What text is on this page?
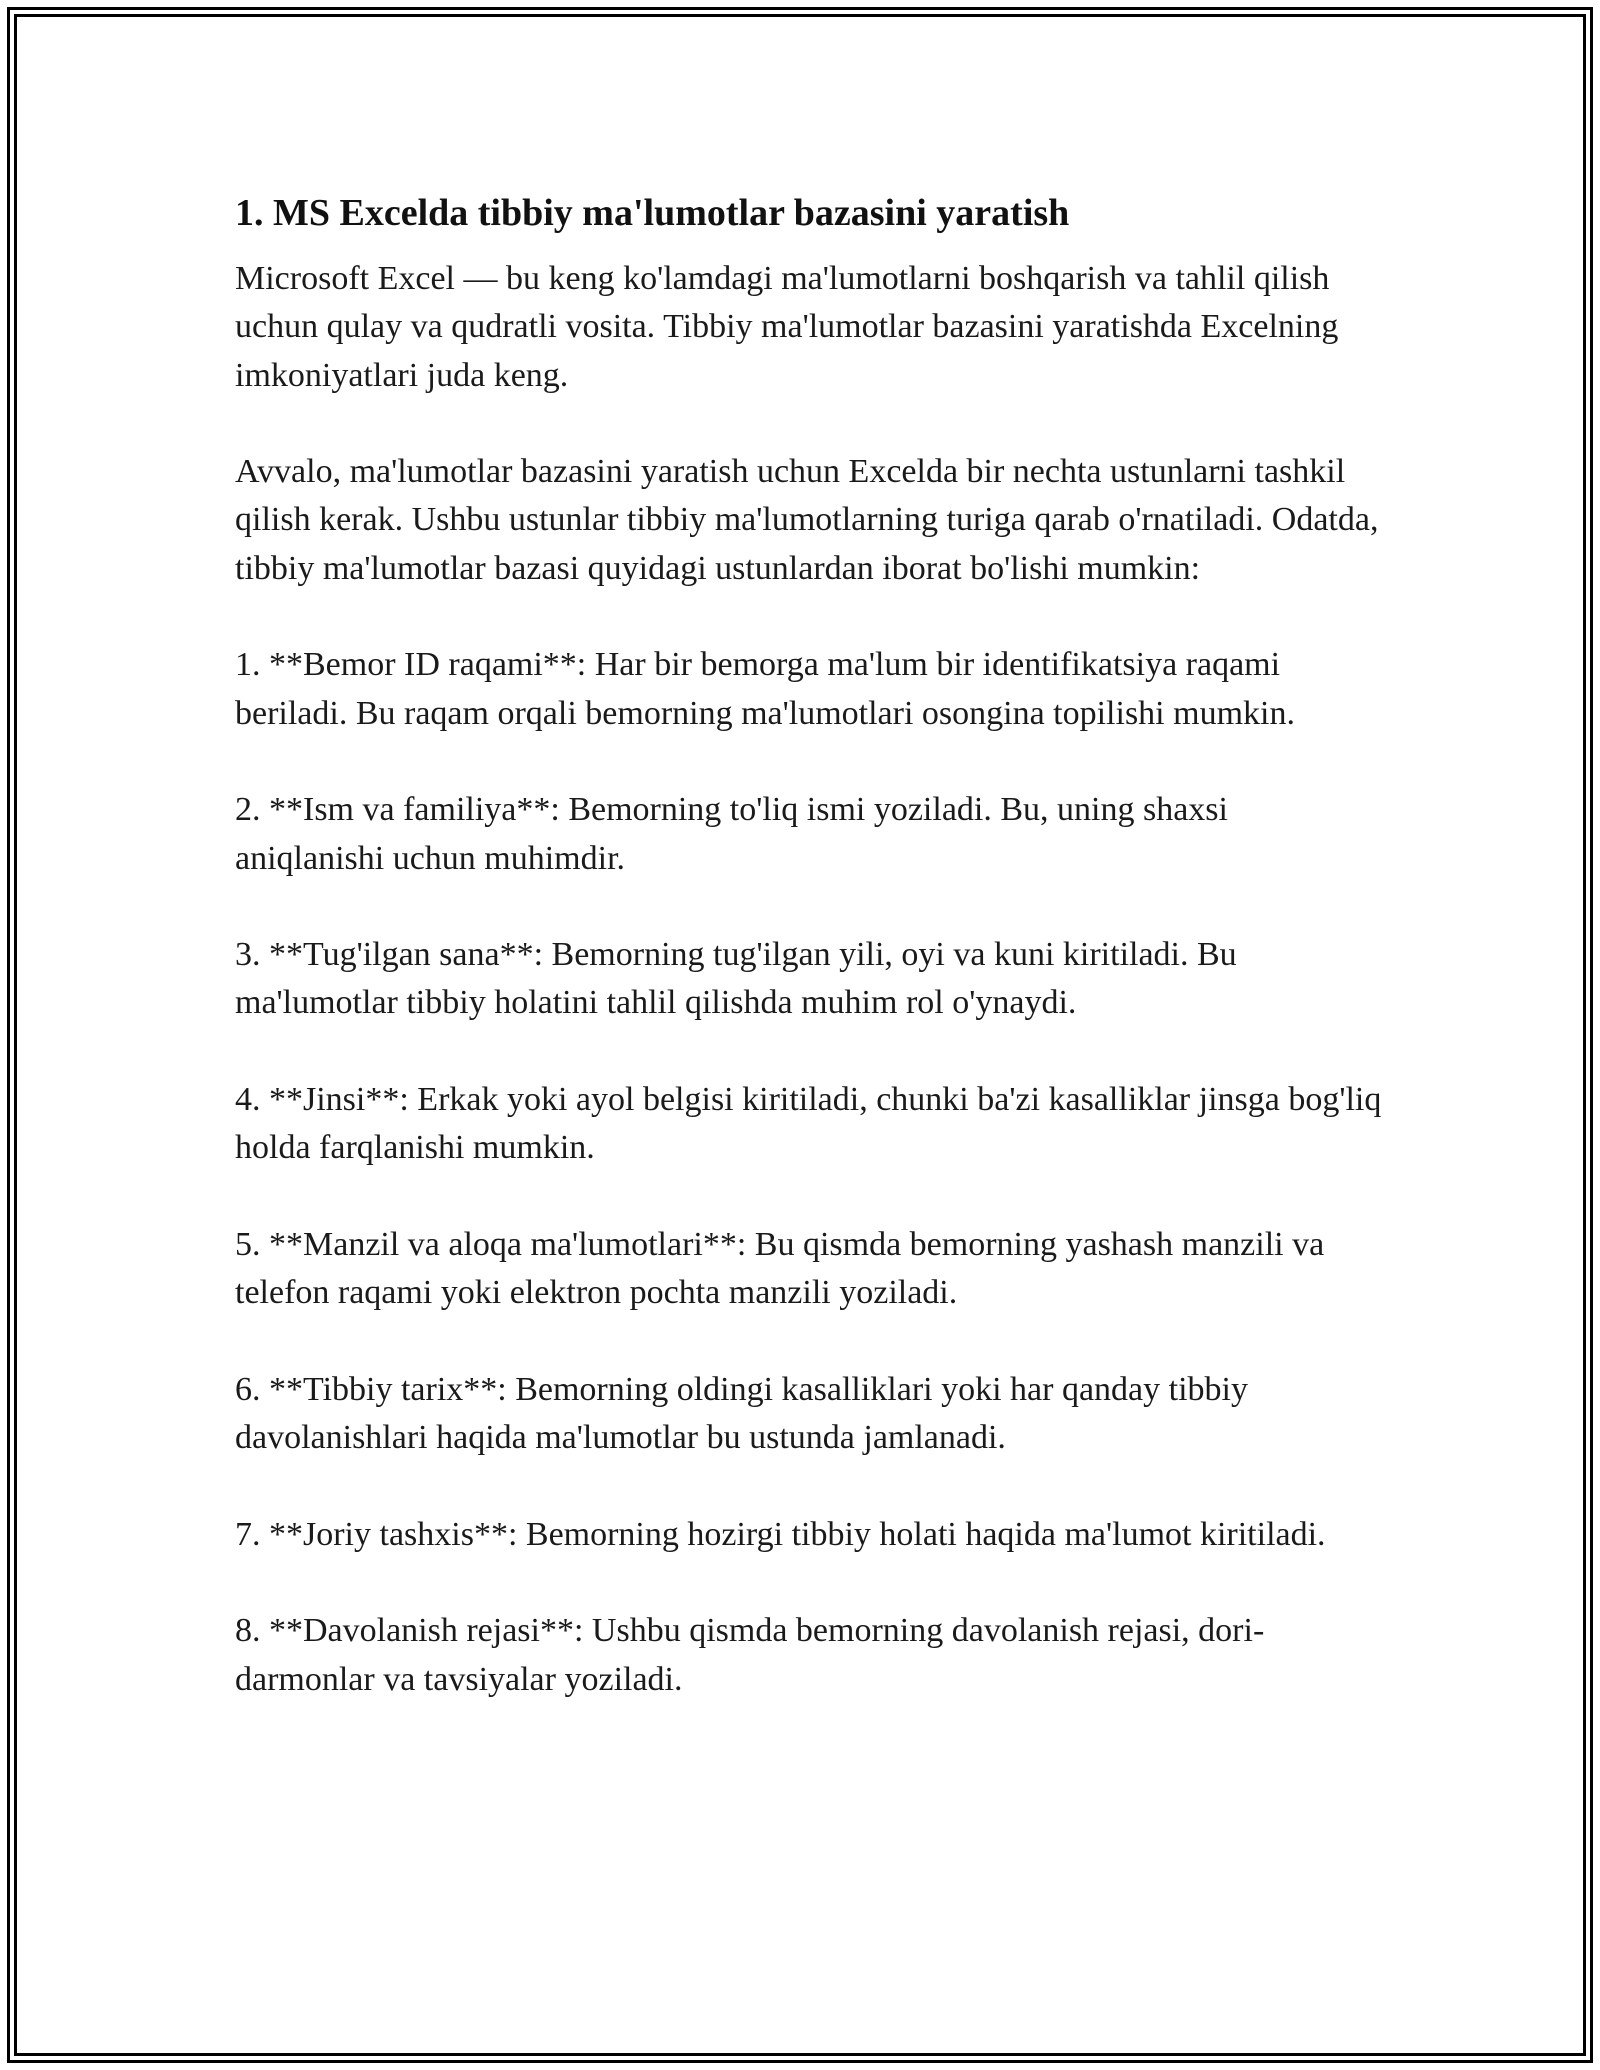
1. MS Excelda tibbiy ma'lumotlar bazasini yaratish

Microsoft Excel — bu keng ko'lamdagi ma'lumotlarni boshqarish va tahlil qilish uchun qulay va qudratli vosita. Tibbiy ma'lumotlar bazasini yaratishda Excelning imkoniyatlari juda keng.

Avvalo, ma'lumotlar bazasini yaratish uchun Excelda bir nechta ustunlarni tashkil qilish kerak. Ushbu ustunlar tibbiy ma'lumotlarning turiga qarab o'rnatiladi. Odatda, tibbiy ma'lumotlar bazasi quyidagi ustunlardan iborat bo'lishi mumkin:

1. **Bemor ID raqami**: Har bir bemorga ma'lum bir identifikatsiya raqami beriladi. Bu raqam orqali bemorning ma'lumotlari osongina topilishi mumkin.

2. **Ism va familiya**: Bemorning to'liq ismi yoziladi. Bu, uning shaxsi aniqlanishi uchun muhimdir.

3. **Tug'ilgan sana**: Bemorning tug'ilgan yili, oyi va kuni kiritiladi. Bu ma'lumotlar tibbiy holatini tahlil qilishda muhim rol o'ynaydi.

4. **Jinsi**: Erkak yoki ayol belgisi kiritiladi, chunki ba'zi kasalliklar jinsga bog'liq holda farqlanishi mumkin.

5. **Manzil va aloqa ma'lumotlari**: Bu qismda bemorning yashash manzili va telefon raqami yoki elektron pochta manzili yoziladi.

6. **Tibbiy tarix**: Bemorning oldingi kasalliklari yoki har qanday tibbiy davolanishlari haqida ma'lumotlar bu ustunda jamlanadi.

7. **Joriy tashxis**: Bemorning hozirgi tibbiy holati haqida ma'lumot kiritiladi.

8. **Davolanish rejasi**: Ushbu qismda bemorning davolanish rejasi, dori-darmonlar va tavsiyalar yoziladi.
